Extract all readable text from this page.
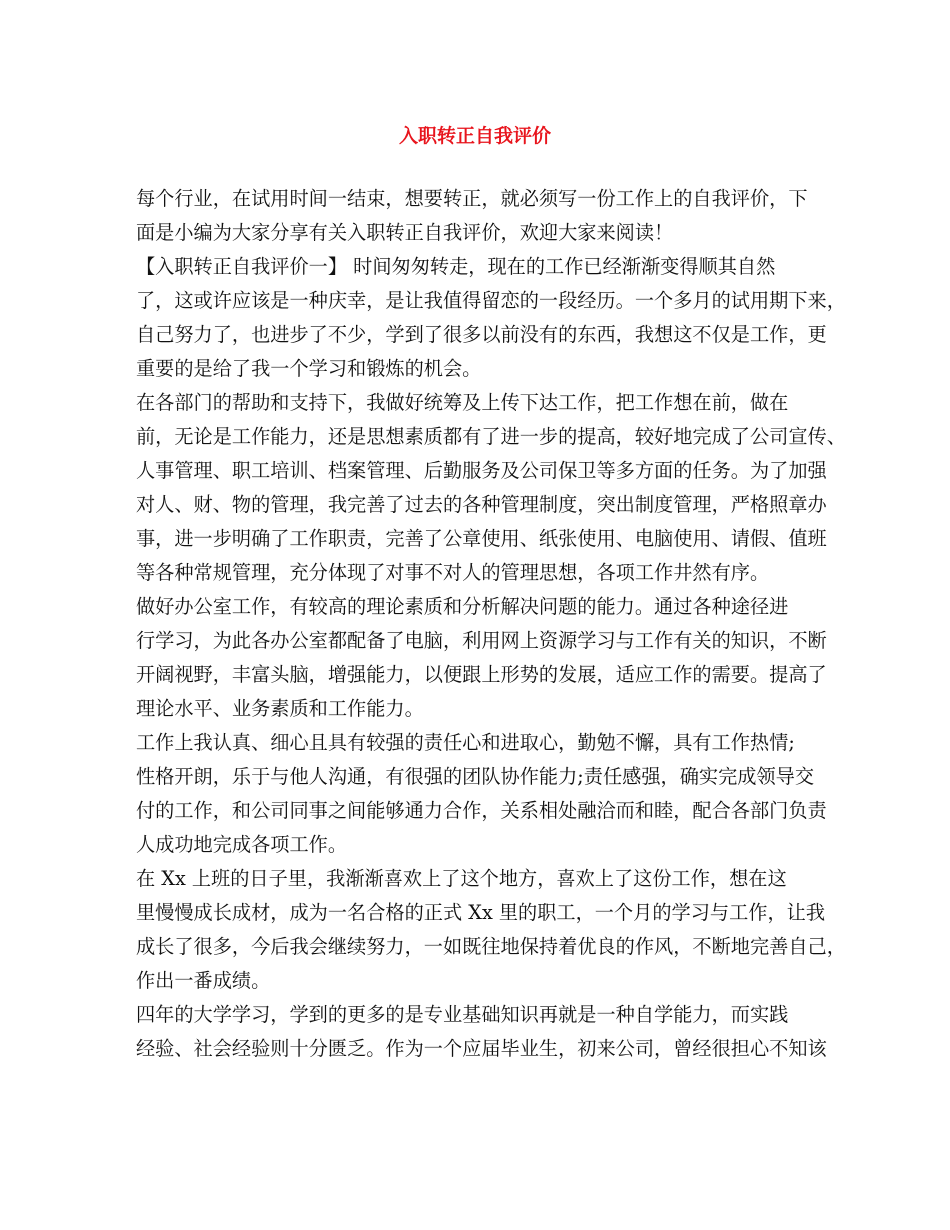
入职转正自我评价

每个行业，在试用时间一结束，想要转正，就必须写一份工作上的自我评价，下
面是小编为大家分享有关入职转正自我评价，欢迎大家来阅读！

【入职转正自我评价一】 时间匆匆转走，现在的工作已经渐渐变得顺其自然
了，这或许应该是一种庆幸，是让我值得留恋的一段经历。一个多月的试用期下来，
自己努力了，也进步了不少，学到了很多以前没有的东西，我想这不仅是工作，更
重要的是给了我一个学习和锻炼的机会。

在各部门的帮助和支持下，我做好统筹及上传下达工作，把工作想在前，做在
前，无论是工作能力，还是思想素质都有了进一步的提高，较好地完成了公司宣传、
人事管理、职工培训、档案管理、后勤服务及公司保卫等多方面的任务。为了加强
对人、财、物的管理，我完善了过去的各种管理制度，突出制度管理，严格照章办
事，进一步明确了工作职责，完善了公章使用、纸张使用、电脑使用、请假、值班
等各种常规管理，充分体现了对事不对人的管理思想，各项工作井然有序。

做好办公室工作，有较高的理论素质和分析解决问题的能力。通过各种途径进
行学习，为此各办公室都配备了电脑，利用网上资源学习与工作有关的知识，不断
开阔视野，丰富头脑，增强能力，以便跟上形势的发展，适应工作的需要。提高了
理论水平、业务素质和工作能力。

工作上我认真、细心且具有较强的责任心和进取心，勤勉不懈，具有工作热情;
性格开朗，乐于与他人沟通，有很强的团队协作能力;责任感强，确实完成领导交
付的工作，和公司同事之间能够通力合作，关系相处融洽而和睦，配合各部门负责
人成功地完成各项工作。

在 Xx 上班的日子里，我渐渐喜欢上了这个地方，喜欢上了这份工作，想在这
里慢慢成长成材，成为一名合格的正式 Xx 里的职工，一个月的学习与工作，让我
成长了很多，今后我会继续努力，一如既往地保持着优良的作风，不断地完善自己，
作出一番成绩。

四年的大学学习，学到的更多的是专业基础知识再就是一种自学能力，而实践
经验、社会经验则十分匮乏。作为一个应届毕业生，初来公司，曾经很担心不知该
